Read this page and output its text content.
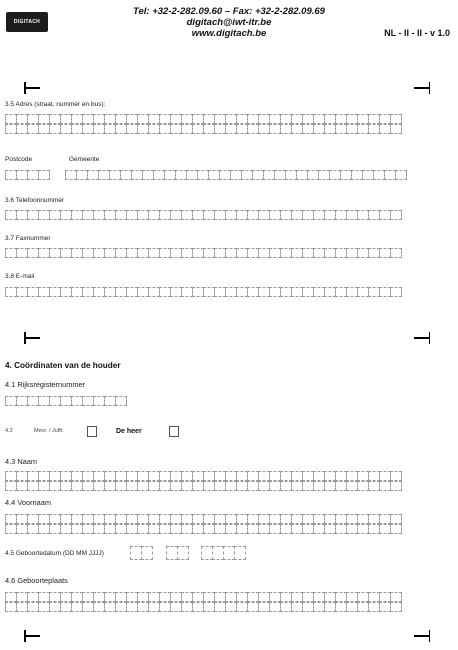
DIGITACH
Tel: +32-2-282.09.60 – Fax: +32-2-282.09.69
digitach@iwt-itr.be
www.digitach.be	NL - II - II - v 1.0
3.5 Adres (straat, nummer en bus):
Postcode	Gemeente
3.6 Telefoonnummer
3.7 Faxnummer
3.8 E-mail
4. Coördinaten van de houder
4.1 Rijksregisternummer
4.2	Mevr. / Juffr.	De heer
4.3 Naam
4.4 Voornaam
4.5 Geboortedatum (DD MM JJJJ)
4.6 Geboorteplaats
